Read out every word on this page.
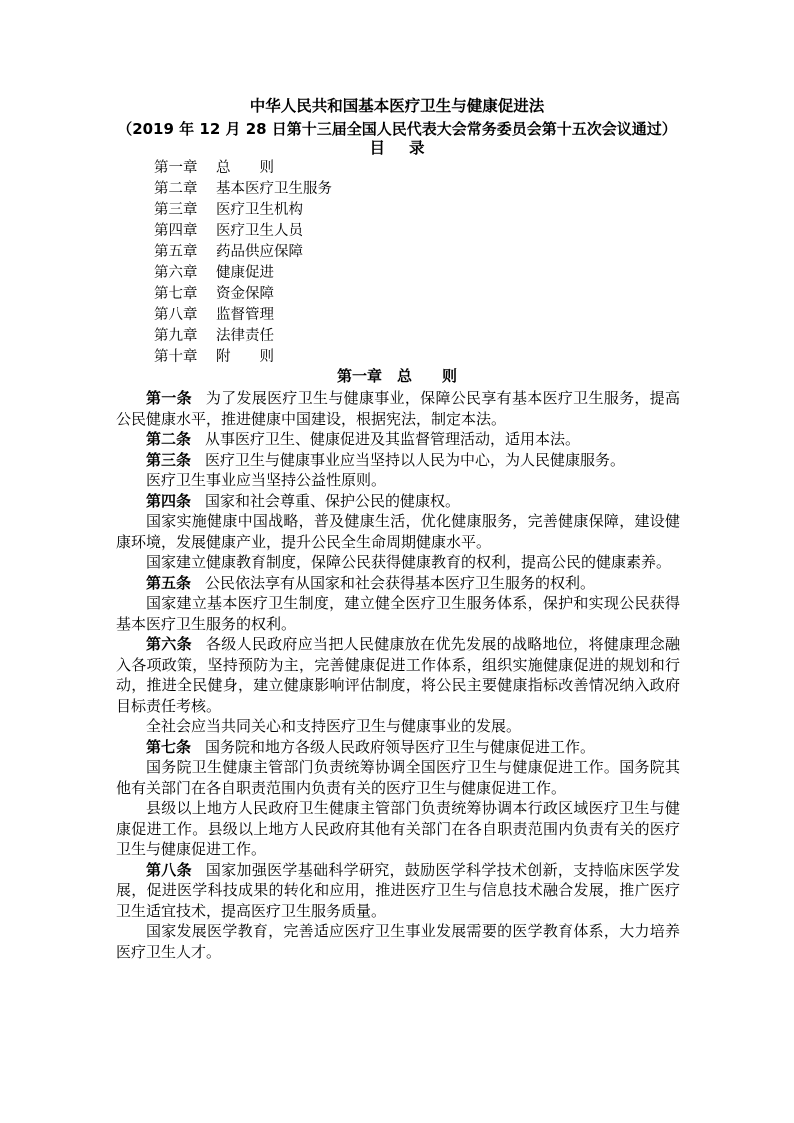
中华人民共和国基本医疗卫生与健康促进法
（2019 年 12 月 28 日第十三届全国人民代表大会常务委员会第十五次会议通过）
目 录
第一章 总　　则
第二章 基本医疗卫生服务
第三章 医疗卫生机构
第四章 医疗卫生人员
第五章 药品供应保障
第六章 健康促进
第七章 资金保障
第八章 监督管理
第九章 法律责任
第十章 附　　则
第一章　总　　则

第一条 为了发展医疗卫生与健康事业，保障公民享有基本医疗卫生服务，提高公民健康水平，推进健康中国建设，根据宪法，制定本法。

第二条 从事医疗卫生、健康促进及其监督管理活动，适用本法。

第三条 医疗卫生与健康事业应当坚持以人民为中心，为人民健康服务。

医疗卫生事业应当坚持公益性原则。

第四条 国家和社会尊重、保护公民的健康权。

国家实施健康中国战略，普及健康生活，优化健康服务，完善健康保障，建设健康环境，发展健康产业，提升公民全生命周期健康水平。

国家建立健康教育制度，保障公民获得健康教育的权利，提高公民的健康素养。

第五条 公民依法享有从国家和社会获得基本医疗卫生服务的权利。

国家建立基本医疗卫生制度，建立健全医疗卫生服务体系，保护和实现公民获得基本医疗卫生服务的权利。

第六条 各级人民政府应当把人民健康放在优先发展的战略地位，将健康理念融入各项政策，坚持预防为主，完善健康促进工作体系，组织实施健康促进的规划和行动，推进全民健身，建立健康影响评估制度，将公民主要健康指标改善情况纳入政府目标责任考核。

全社会应当共同关心和支持医疗卫生与健康事业的发展。

第七条 国务院和地方各级人民政府领导医疗卫生与健康促进工作。

国务院卫生健康主管部门负责统筹协调全国医疗卫生与健康促进工作。国务院其他有关部门在各自职责范围内负责有关的医疗卫生与健康促进工作。

县级以上地方人民政府卫生健康主管部门负责统筹协调本行政区域医疗卫生与健康促进工作。县级以上地方人民政府其他有关部门在各自职责范围内负责有关的医疗卫生与健康促进工作。

第八条 国家加强医学基础科学研究，鼓励医学科学技术创新，支持临床医学发展，促进医学科技成果的转化和应用，推进医疗卫生与信息技术融合发展，推广医疗卫生适宜技术，提高医疗卫生服务质量。

国家发展医学教育，完善适应医疗卫生事业发展需要的医学教育体系，大力培养医疗卫生人才。
